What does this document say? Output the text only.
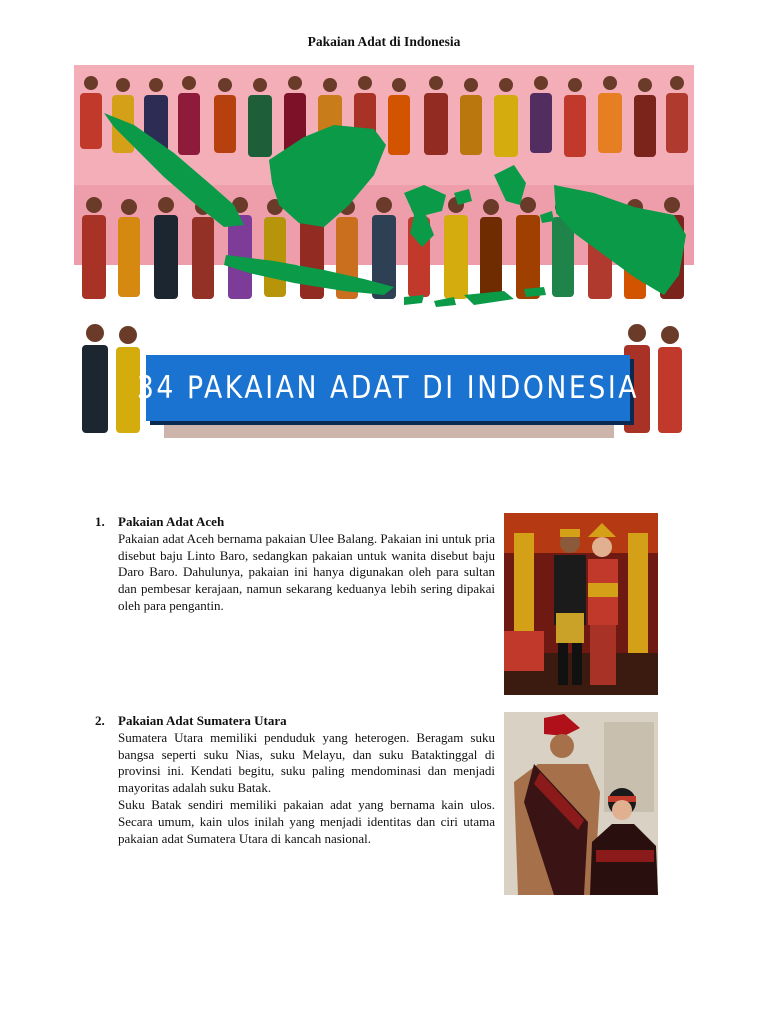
Pakaian Adat di Indonesia
34 PAKAIAN ADAT DI INDONESIA
1. Pakaian Adat Aceh

Pakaian adat Aceh bernama pakaian Ulee Balang. Pakaian ini untuk pria disebut baju Linto Baro, sedangkan pakaian untuk wanita disebut baju Daro Baro. Dahulunya, pakaian ini hanya digunakan oleh para sultan dan pembesar kerajaan, namun sekarang keduanya lebih sering dipakai oleh para pengantin.

2. Pakaian Adat Sumatera Utara

Sumatera Utara memiliki penduduk yang heterogen. Beragam suku bangsa seperti suku Nias, suku Melayu, dan suku Bataktinggal di provinsi ini. Kendati begitu, suku paling mendominasi dan menjadi mayoritas adalah suku Batak.

Suku Batak sendiri memiliki pakaian adat yang bernama kain ulos. Secara umum, kain ulos inilah yang menjadi identitas dan ciri utama pakaian adat Sumatera Utara di kancah nasional.
